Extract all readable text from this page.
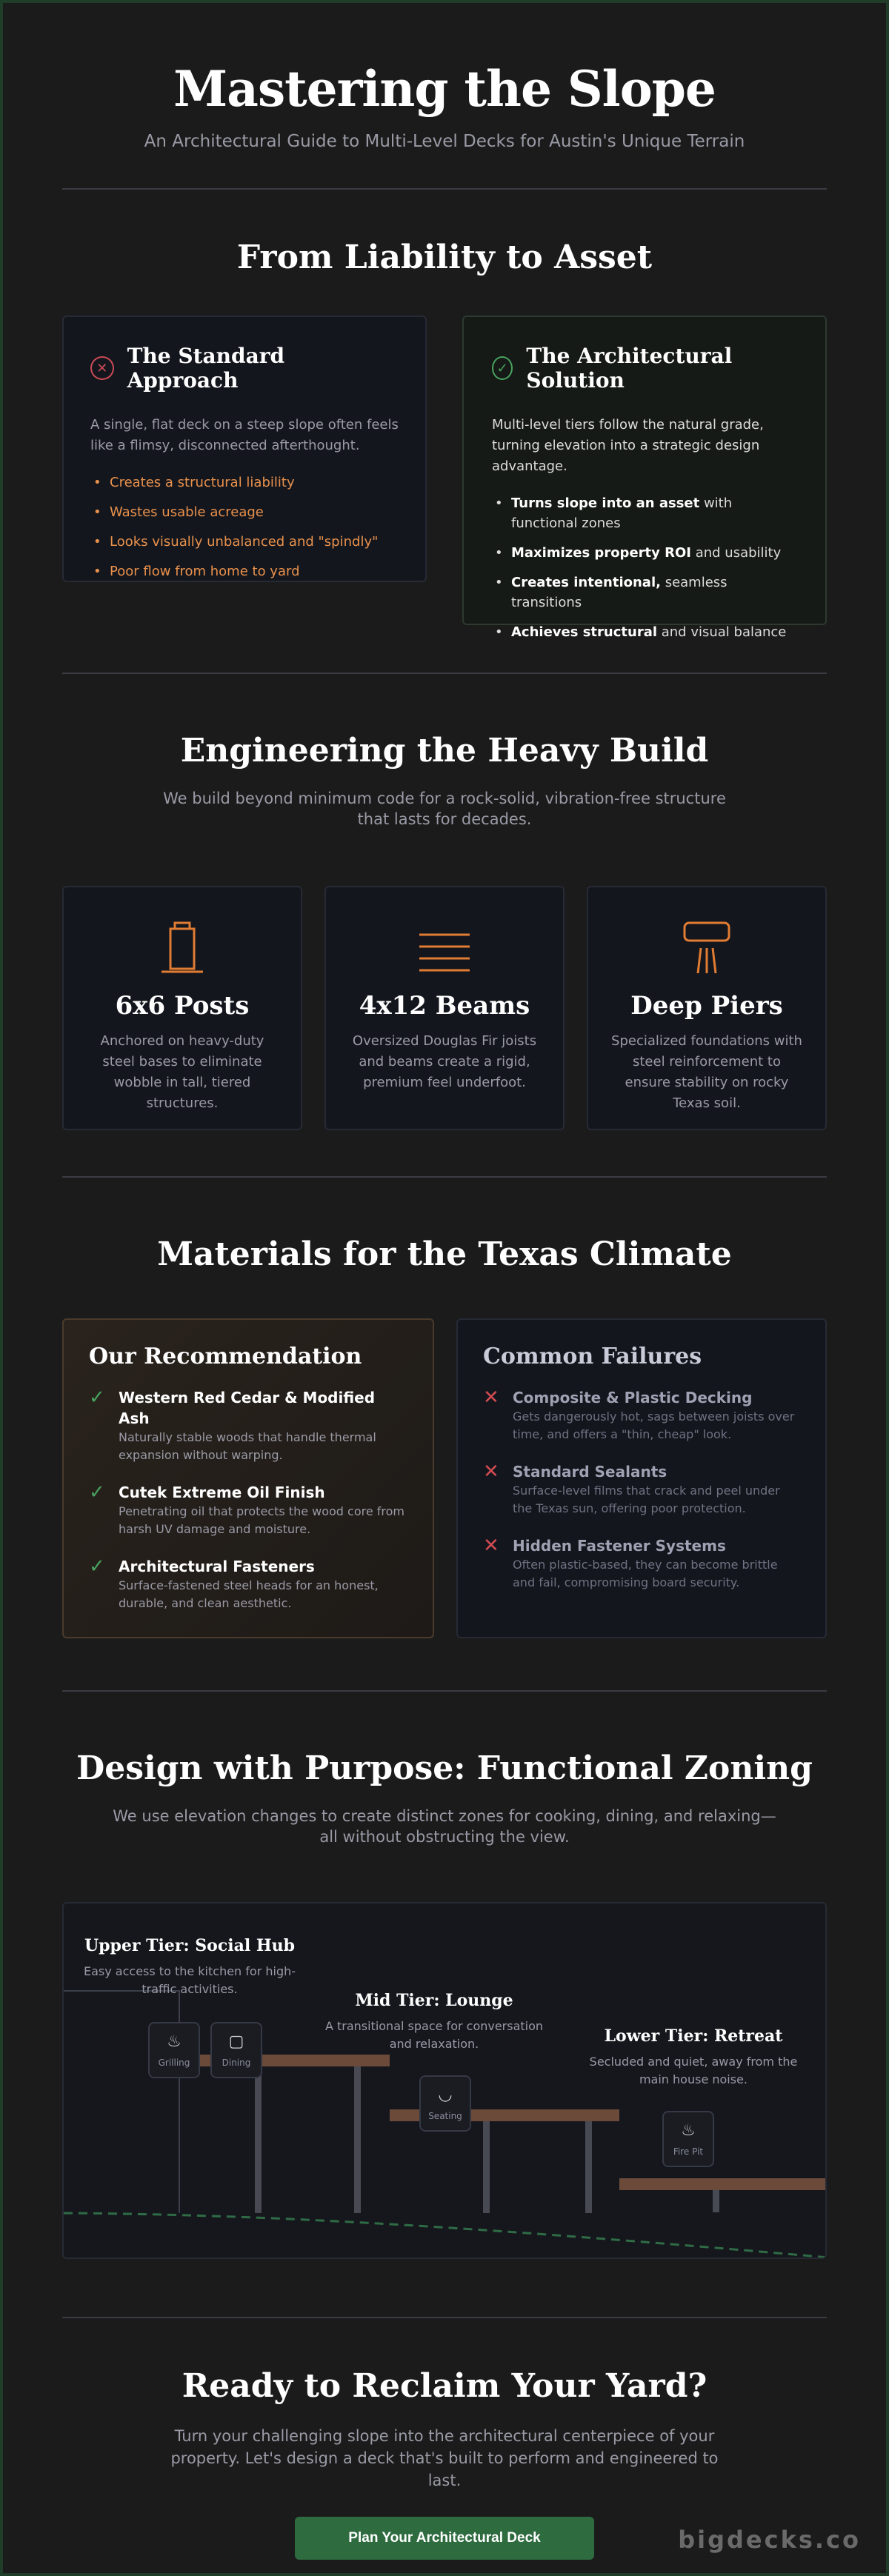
Mastering the Slope

An Architectural Guide to Multi-Level Decks for Austin's Unique Terrain

From Liability to Asset
✕ The Standard Approach

A single, flat deck on a steep slope often feels like a flimsy, disconnected afterthought.

• Creates a structural liability
• Wastes usable acreage
• Looks visually unbalanced and "spindly"
• Poor flow from home to yard
✓ The Architectural Solution

Multi-level tiers follow the natural grade, turning elevation into a strategic design advantage.

• Turns slope into an asset with functional zones
• Maximizes property ROI and usability
• Creates intentional, seamless transitions
• Achieves structural and visual balance
Engineering the Heavy Build

We build beyond minimum code for a rock-solid, vibration-free structure that lasts for decades.

6x6 Posts

Anchored on heavy-duty steel bases to eliminate wobble in tall, tiered structures.

4x12 Beams

Oversized Douglas Fir joists and beams create a rigid, premium feel underfoot.

Deep Piers

Specialized foundations with steel reinforcement to ensure stability on rocky Texas soil.

Materials for the Texas Climate
Our Recommendation
✓ Western Red Cedar & Modified Ash

Naturally stable woods that handle thermal expansion without warping.

✓ Cutek Extreme Oil Finish

Penetrating oil that protects the wood core from harsh UV damage and moisture.

✓ Architectural Fasteners

Surface-fastened steel heads for an honest, durable, and clean aesthetic.

Common Failures
✕ Composite & Plastic Decking

Gets dangerously hot, sags between joists over time, and offers a "thin, cheap" look.

✕ Standard Sealants

Surface-level films that crack and peel under the Texas sun, offering poor protection.

✕ Hidden Fastener Systems

Often plastic-based, they can become brittle and fail, compromising board security.

Design with Purpose: Functional Zoning

We use elevation changes to create distinct zones for cooking, dining, and relaxing—all without obstructing the view.

Upper Tier: Social Hub

Easy access to the kitchen for high-traffic activities.

Mid Tier: Lounge

A transitional space for conversation and relaxation.	Lower Tier: Retreat

Secluded and quiet, away from the main house noise.

♨
Grilling
▢
Dining
◡
Seating
♨
Fire Pit
Ready to Reclaim Your Yard?

Turn your challenging slope into the architectural centerpiece of your property. Let's design a deck that's built to perform and engineered to last.

Plan Your Architectural Deck	bigdecks.co
